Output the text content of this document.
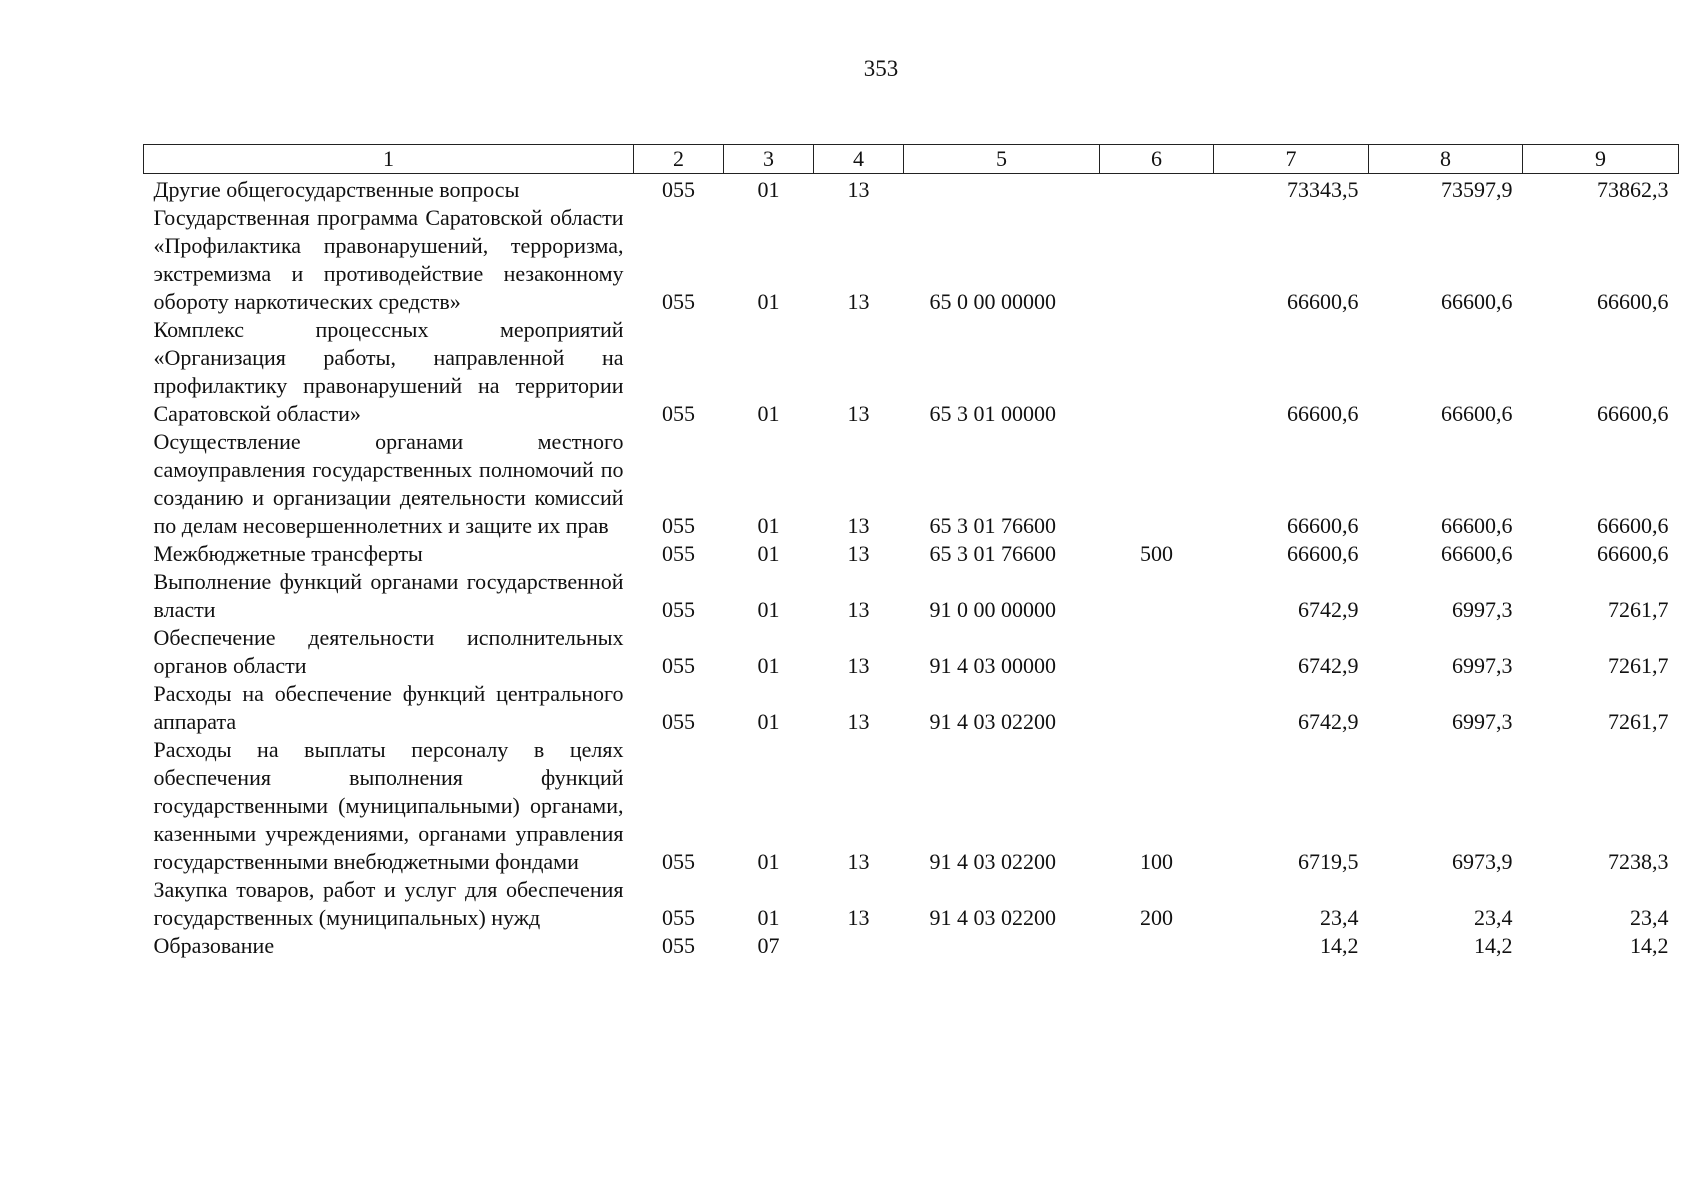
353
1	2	3	4	5	6	7	8	9
Другие общегосударственные вопросы	055	01	13			73343,5	73597,9	73862,3
Государственная программа Саратовской области «Профилактика правонарушений, терроризма, экстремизма и противодействие незаконному обороту наркотических средств»	055	01	13	65 0 00 00000		66600,6	66600,6	66600,6
Комплекс процессных мероприятий «Организация работы, направленной на профилактику правонарушений на территории Саратовской области»	055	01	13	65 3 01 00000		66600,6	66600,6	66600,6
Осуществление органами местного самоуправления государственных полномочий по созданию и организации деятельности комиссий по делам несовершеннолетних и защите их прав	055	01	13	65 3 01 76600		66600,6	66600,6	66600,6
Межбюджетные трансферты	055	01	13	65 3 01 76600	500	66600,6	66600,6	66600,6
Выполнение функций органами государственной власти	055	01	13	91 0 00 00000		6742,9	6997,3	7261,7
Обеспечение деятельности исполнительных органов области	055	01	13	91 4 03 00000		6742,9	6997,3	7261,7
Расходы на обеспечение функций центрального аппарата	055	01	13	91 4 03 02200		6742,9	6997,3	7261,7
Расходы на выплаты персоналу в целях обеспечения выполнения функций государственными (муниципальными) органами, казенными учреждениями, органами управления государственными внебюджетными фондами	055	01	13	91 4 03 02200	100	6719,5	6973,9	7238,3
Закупка товаров, работ и услуг для обеспечения государственных (муниципальных) нужд	055	01	13	91 4 03 02200	200	23,4	23,4	23,4
Образование	055	07				14,2	14,2	14,2
